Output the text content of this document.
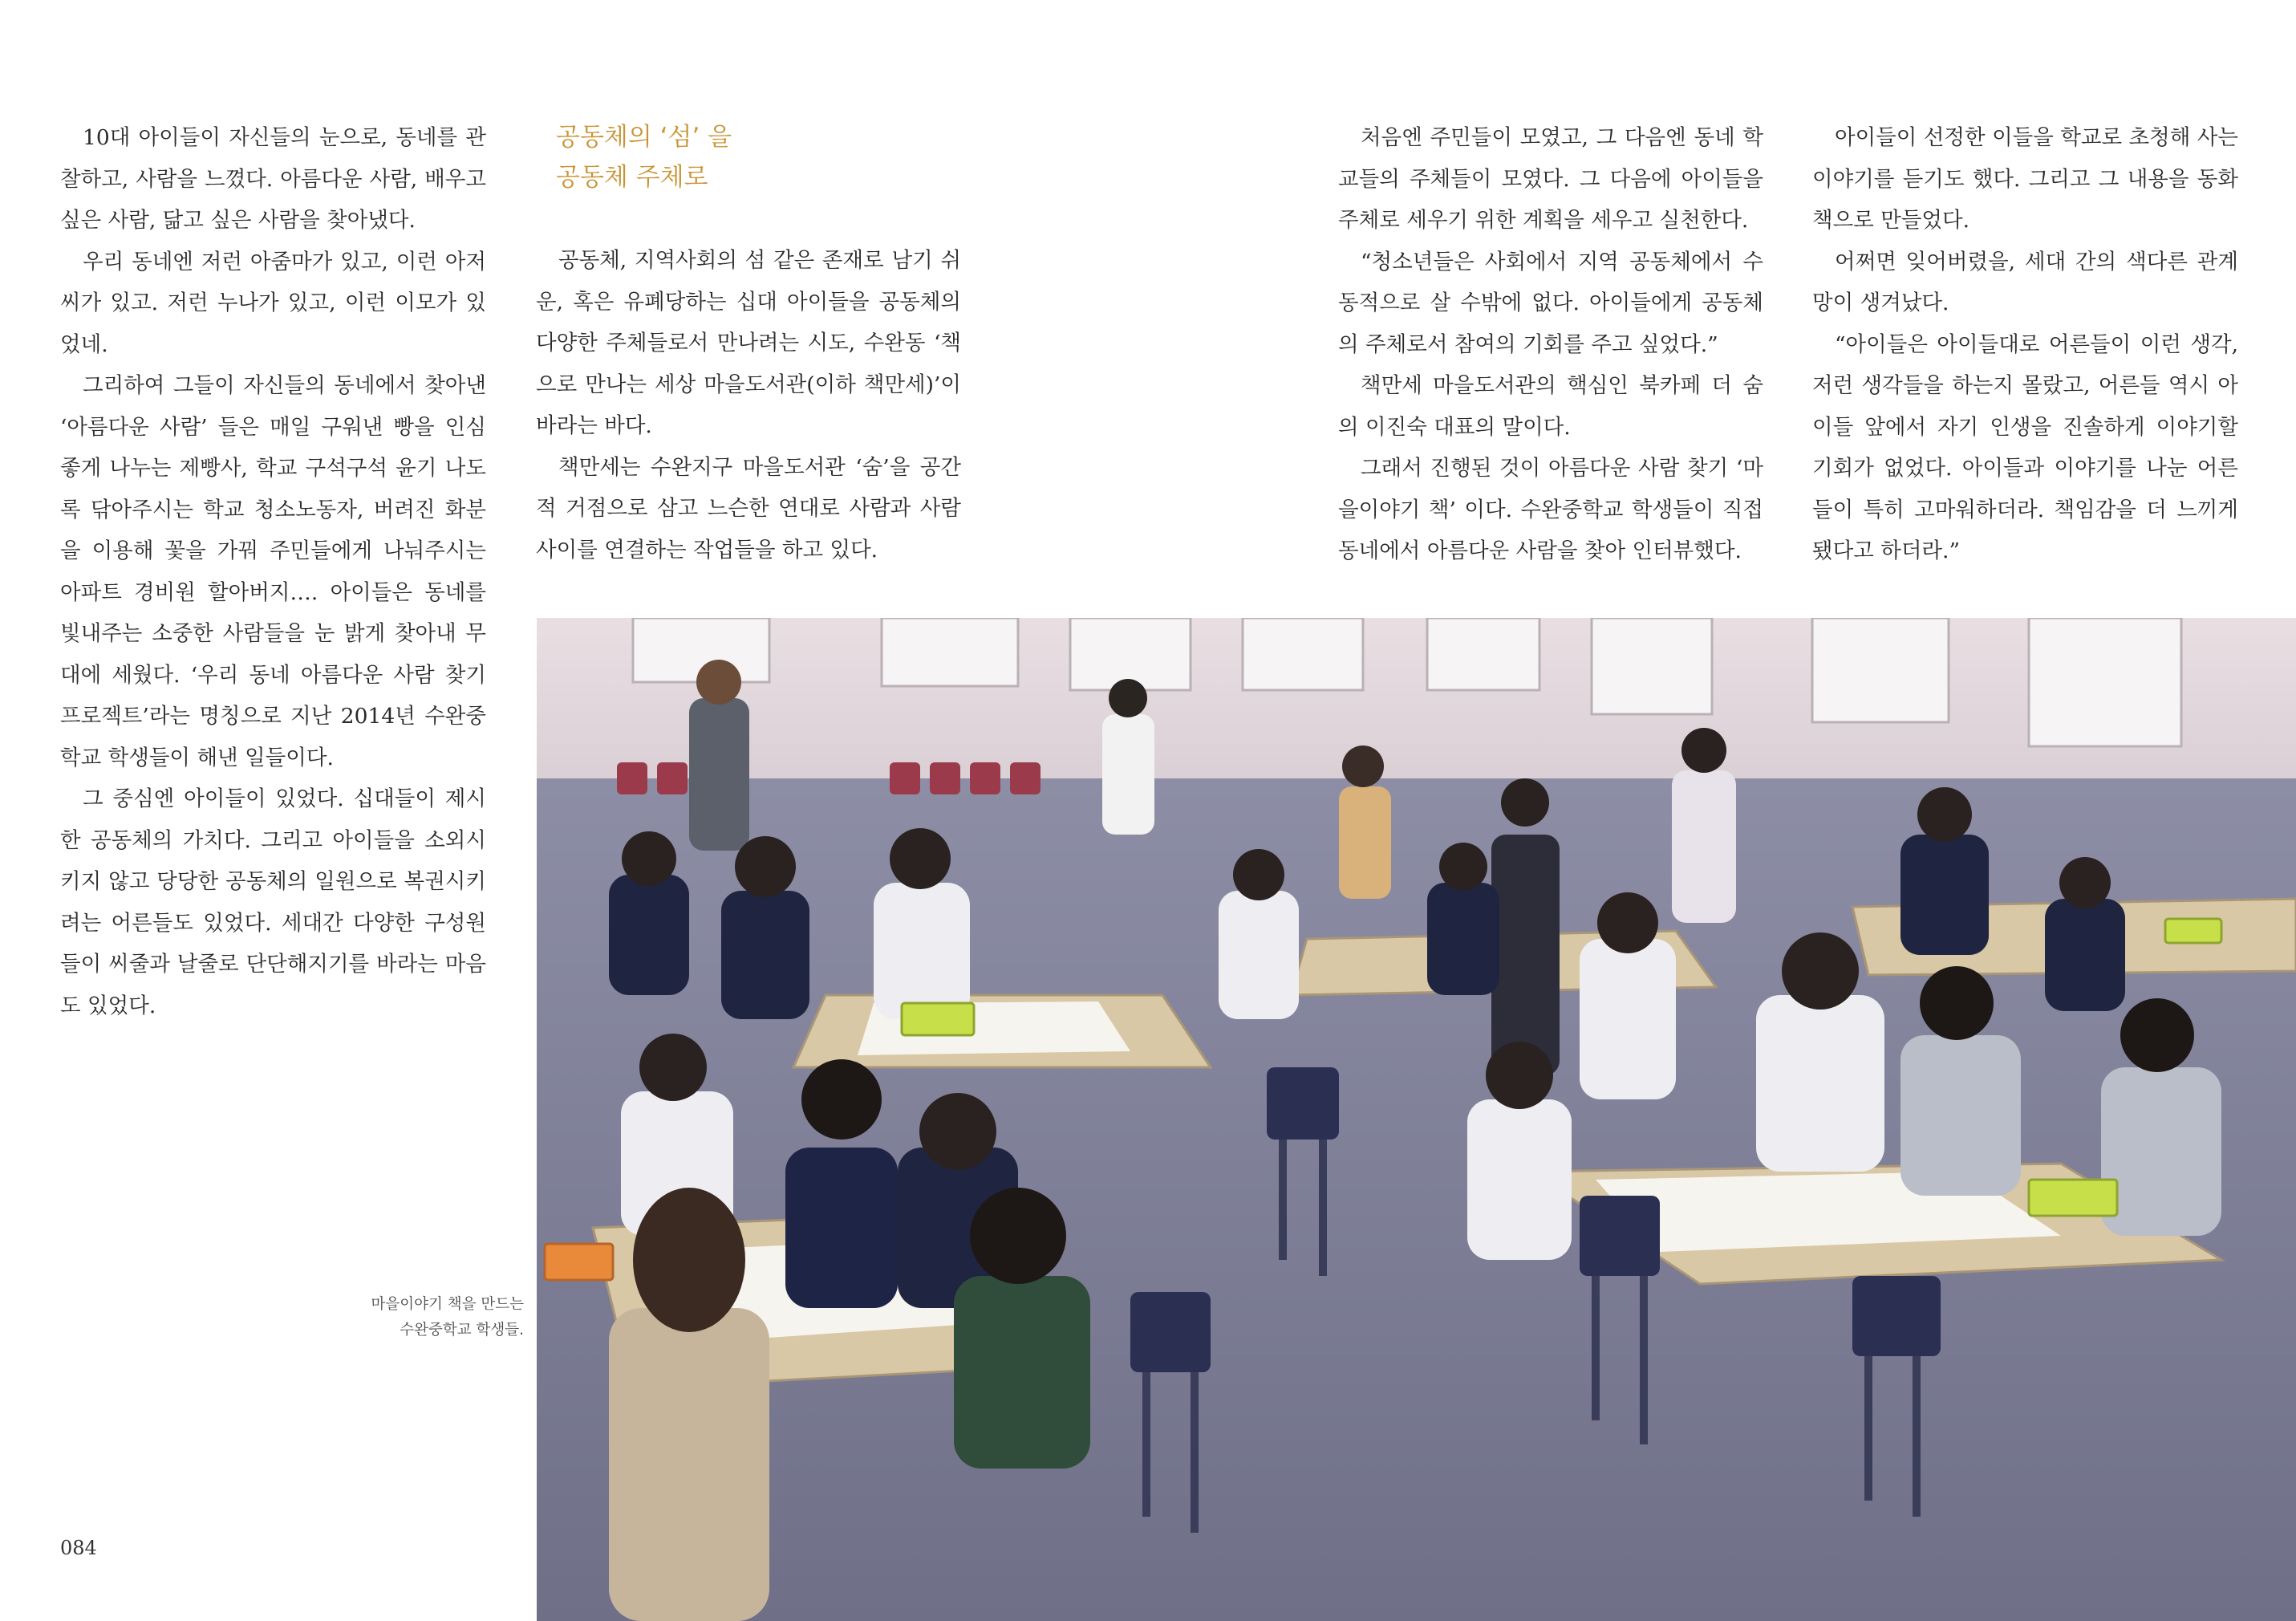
10대 아이들이 자신들의 눈으로, 동네를 관찰하고, 사람을 느꼈다. 아름다운 사람, 배우고 싶은 사람, 닮고 싶은 사람을 찾아냈다.

우리 동네엔 저런 아줌마가 있고, 이런 아저씨가 있고. 저런 누나가 있고, 이런 이모가 있었네.

그리하여 그들이 자신들의 동네에서 찾아낸 ‘아름다운 사람’ 들은 매일 구워낸 빵을 인심 좋게 나누는 제빵사, 학교 구석구석 윤기 나도록 닦아주시는 학교 청소노동자, 버려진 화분을 이용해 꽃을 가꿔 주민들에게 나눠주시는 아파트 경비원 할아버지…. 아이들은 동네를 빛내주는 소중한 사람들을 눈 밝게 찾아내 무대에 세웠다. ‘우리 동네 아름다운 사람 찾기 프로젝트’라는 명칭으로 지난 2014년 수완중학교 학생들이 해낸 일들이다.

그 중심엔 아이들이 있었다. 십대들이 제시한 공동체의 가치다. 그리고 아이들을 소외시키지 않고 당당한 공동체의 일원으로 복권시키려는 어른들도 있었다. 세대간 다양한 구성원들이 씨줄과 날줄로 단단해지기를 바라는 마음도 있었다.

공동체의 ‘섬’ 을
공동체 주체로

공동체, 지역사회의 섬 같은 존재로 남기 쉬운, 혹은 유폐당하는 십대 아이들을 공동체의 다양한 주체들로서 만나려는 시도, 수완동 ‘책으로 만나는 세상 마을도서관(이하 책만세)’이 바라는 바다.

책만세는 수완지구 마을도서관 ‘숨’을 공간적 거점으로 삼고 느슨한 연대로 사람과 사람 사이를 연결하는 작업들을 하고 있다.

처음엔 주민들이 모였고, 그 다음엔 동네 학교들의 주체들이 모였다. 그 다음에 아이들을 주체로 세우기 위한 계획을 세우고 실천한다.

“청소년들은 사회에서 지역 공동체에서 수동적으로 살 수밖에 없다. 아이들에게 공동체의 주체로서 참여의 기회를 주고 싶었다.”

책만세 마을도서관의 핵심인 북카페 더 숨의 이진숙 대표의 말이다.

그래서 진행된 것이 아름다운 사람 찾기 ‘마을이야기 책’ 이다. 수완중학교 학생들이 직접 동네에서 아름다운 사람을 찾아 인터뷰했다.

아이들이 선정한 이들을 학교로 초청해 사는 이야기를 듣기도 했다. 그리고 그 내용을 동화책으로 만들었다.

어쩌면 잊어버렸을, 세대 간의 색다른 관계망이 생겨났다.

“아이들은 아이들대로 어른들이 이런 생각, 저런 생각들을 하는지 몰랐고, 어른들 역시 아이들 앞에서 자기 인생을 진솔하게 이야기할 기회가 없었다. 아이들과 이야기를 나눈 어른들이 특히 고마워하더라. 책임감을 더 느끼게 됐다고 하더라.”

마을이야기 책을 만드는
수완중학교 학생들.
084
